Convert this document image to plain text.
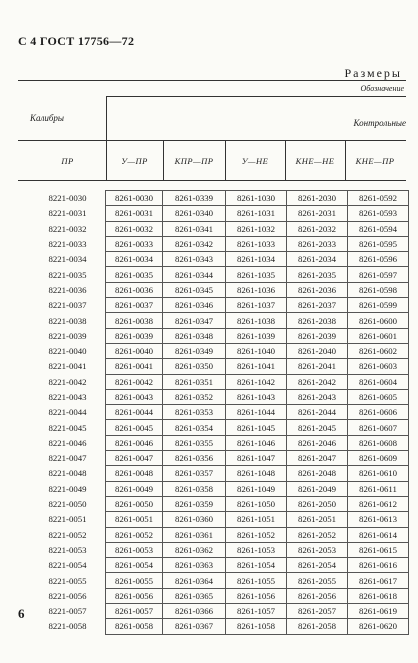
С 4 ГОСТ 17756—72
Размеры
Обозначение
Калибры	Контрольные
ПР	У—ПР	КПР—ПР	У—НЕ	КНЕ—НЕ	КНЕ—ПР
8221-0030	8261-0030	8261-0339	8261-1030	8261-2030	8261-0592
8221-0031	8261-0031	8261-0340	8261-1031	8261-2031	8261-0593
8221-0032	8261-0032	8261-0341	8261-1032	8261-2032	8261-0594
8221-0033	8261-0033	8261-0342	8261-1033	8261-2033	8261-0595
8221-0034	8261-0034	8261-0343	8261-1034	8261-2034	8261-0596
8221-0035	8261-0035	8261-0344	8261-1035	8261-2035	8261-0597
8221-0036	8261-0036	8261-0345	8261-1036	8261-2036	8261-0598
8221-0037	8261-0037	8261-0346	8261-1037	8261-2037	8261-0599
8221-0038	8261-0038	8261-0347	8261-1038	8261-2038	8261-0600
8221-0039	8261-0039	8261-0348	8261-1039	8261-2039	8261-0601
8221-0040	8261-0040	8261-0349	8261-1040	8261-2040	8261-0602
8221-0041	8261-0041	8261-0350	8261-1041	8261-2041	8261-0603
8221-0042	8261-0042	8261-0351	8261-1042	8261-2042	8261-0604
8221-0043	8261-0043	8261-0352	8261-1043	8261-2043	8261-0605
8221-0044	8261-0044	8261-0353	8261-1044	8261-2044	8261-0606
8221-0045	8261-0045	8261-0354	8261-1045	8261-2045	8261-0607
8221-0046	8261-0046	8261-0355	8261-1046	8261-2046	8261-0608
8221-0047	8261-0047	8261-0356	8261-1047	8261-2047	8261-0609
8221-0048	8261-0048	8261-0357	8261-1048	8261-2048	8261-0610
8221-0049	8261-0049	8261-0358	8261-1049	8261-2049	8261-0611
8221-0050	8261-0050	8261-0359	8261-1050	8261-2050	8261-0612
8221-0051	8261-0051	8261-0360	8261-1051	8261-2051	8261-0613
8221-0052	8261-0052	8261-0361	8261-1052	8261-2052	8261-0614
8221-0053	8261-0053	8261-0362	8261-1053	8261-2053	8261-0615
8221-0054	8261-0054	8261-0363	8261-1054	8261-2054	8261-0616
8221-0055	8261-0055	8261-0364	8261-1055	8261-2055	8261-0617
8221-0056	8261-0056	8261-0365	8261-1056	8261-2056	8261-0618
8221-0057	8261-0057	8261-0366	8261-1057	8261-2057	8261-0619
8221-0058	8261-0058	8261-0367	8261-1058	8261-2058	8261-0620
6
